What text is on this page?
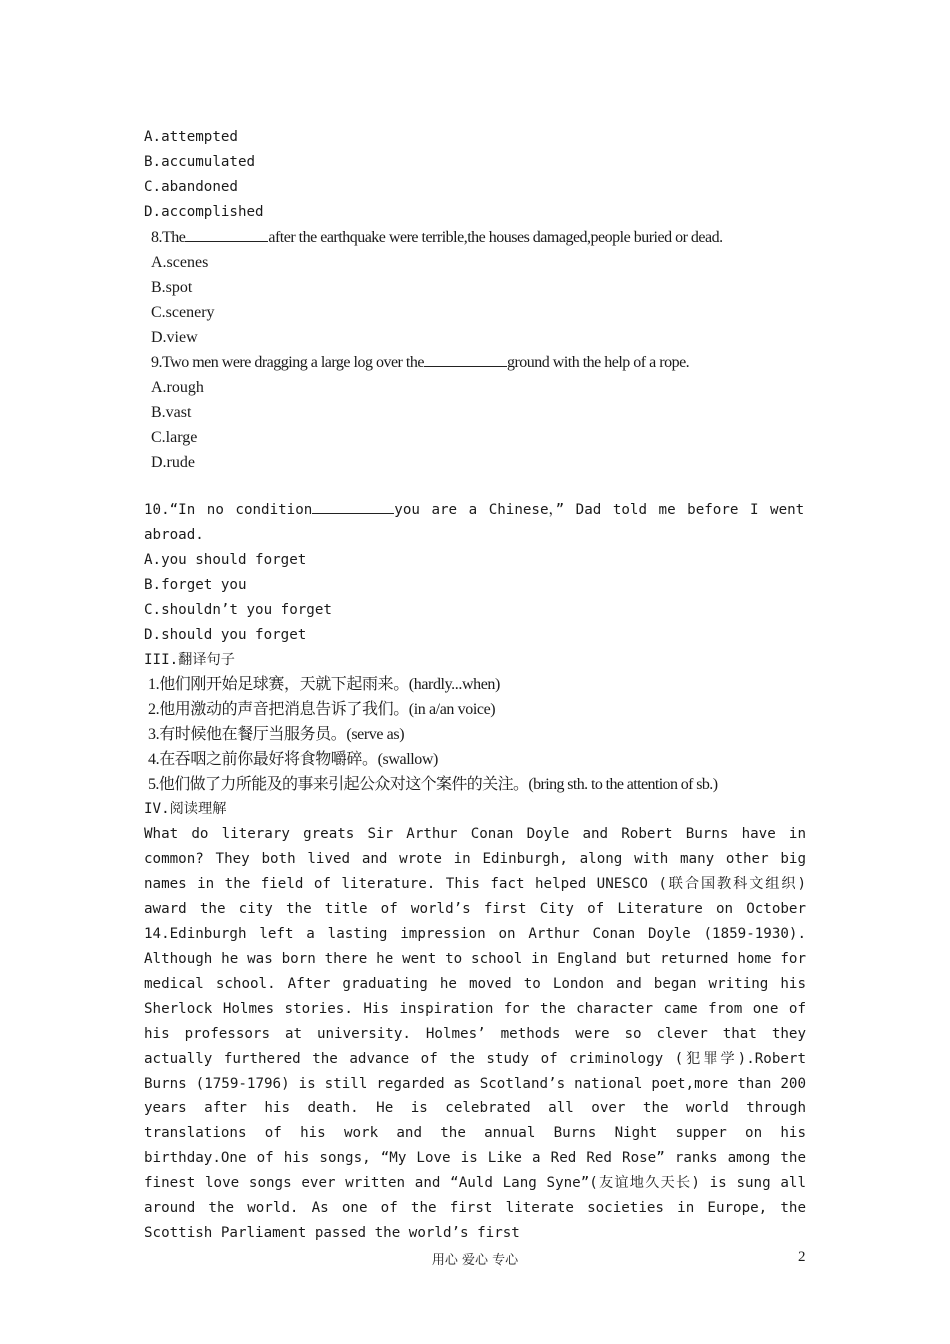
A.attempted
B.accumulated
C.abandoned
D.accomplished
8.The	after the earthquake were terrible,the houses damaged,people buried or dead.
A.scenes
B.spot
C.scenery
D.view
9.Two men were dragging a large log over the	ground with the help of a rope.
A.rough
B.vast
C.large
D.rude
10.“In no condition	you are a Chinese，” Dad told me before I went
abroad.
A.you should forget
B.forget you
C.shouldn’t you forget
D.should you forget
III.翻译句子
1.他们刚开始足球赛，天就下起雨来。(hardly...when)
2.他用激动的声音把消息告诉了我们。(in a/an voice)
3.有时候他在餐厅当服务员。(serve as)
4.在吞咽之前你最好将食物嚼碎。(swallow)
5.他们做了力所能及的事来引起公众对这个案件的关注。(bring sth. to the attention of sb.)
IV.阅读理解
What do literary greats Sir Arthur Conan Doyle and Robert Burns have in common? They both lived and wrote in Edinburgh, along with many other big names in the field of literature. This fact helped UNESCO (联合国教科文组织) award the city the title of world’s first City of Literature on October 14.Edinburgh left a lasting impression on Arthur Conan Doyle (1859-1930). Although he was born there he went to school in England but returned home for medical school. After graduating he moved to London and began writing his Sherlock Holmes stories. His inspiration for the character came from one of his professors at university. Holmes’ methods were so clever that they actually furthered the advance of the study of criminology (犯罪学).Robert Burns (1759-1796) is still regarded as Scotland’s national poet,more than 200 years after his death. He is celebrated all over the world through translations of his work and the annual Burns Night supper on his birthday.One of his songs, “My Love is Like a Red Red Rose” ranks among the finest love songs ever written and “Auld Lang Syne”(友谊地久天长) is sung all around the world. As one of the first literate societies in Europe, the Scottish Parliament passed the world’s first
用心 爱心 专心	2
